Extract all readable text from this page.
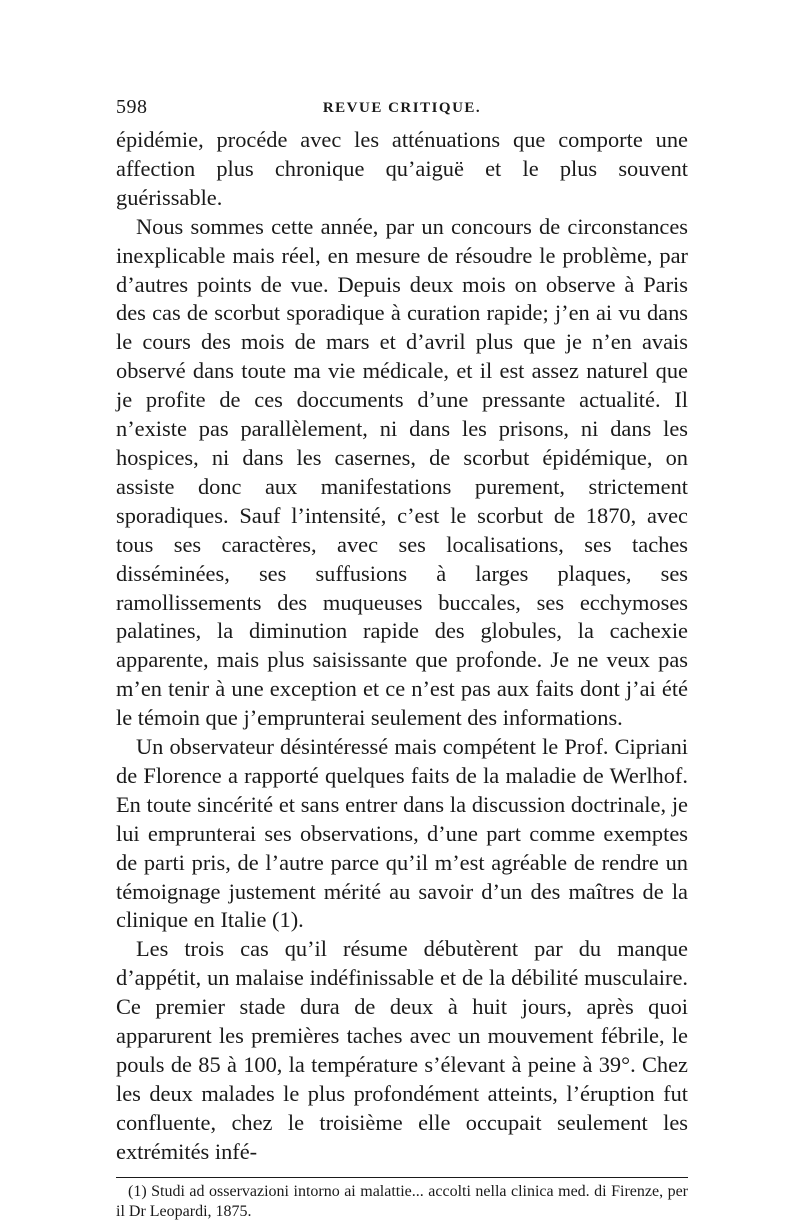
598	REVUE CRITIQUE.

épidémie, procéde avec les atténuations que comporte une affection plus chronique qu’aiguë et le plus souvent guérissable.

Nous sommes cette année, par un concours de circonstances inexplicable mais réel, en mesure de résoudre le problème, par d’autres points de vue. Depuis deux mois on observe à Paris des cas de scorbut sporadique à curation rapide; j’en ai vu dans le cours des mois de mars et d’avril plus que je n’en avais observé dans toute ma vie médicale, et il est assez naturel que je profite de ces doccuments d’une pressante actualité. Il n’existe pas parallèlement, ni dans les prisons, ni dans les hospices, ni dans les casernes, de scorbut épidémique, on assiste donc aux manifestations purement, strictement sporadiques. Sauf l’intensité, c’est le scorbut de 1870, avec tous ses caractères, avec ses localisations, ses taches disséminées, ses suffusions à larges plaques, ses ramollissements des muqueuses buccales, ses ecchymoses palatines, la diminution rapide des globules, la cachexie apparente, mais plus saisissante que profonde. Je ne veux pas m’en tenir à une exception et ce n’est pas aux faits dont j’ai été le témoin que j’emprunterai seulement des informations.

Un observateur désintéressé mais compétent le Prof. Cipriani de Florence a rapporté quelques faits de la maladie de Werlhof. En toute sincérité et sans entrer dans la discussion doctrinale, je lui emprunterai ses observations, d’une part comme exemptes de parti pris, de l’autre parce qu’il m’est agréable de rendre un témoignage justement mérité au savoir d’un des maîtres de la clinique en Italie (1).

Les trois cas qu’il résume débutèrent par du manque d’appétit, un malaise indéfinissable et de la débilité musculaire. Ce premier stade dura de deux à huit jours, après quoi apparurent les premières taches avec un mouvement fébrile, le pouls de 85 à 100, la température s’élevant à peine à 39°. Chez les deux malades le plus profondément atteints, l’éruption fut confluente, chez le troisième elle occupait seulement les extrémités infé-

(1) Studi ad osservazioni intorno ai malattie... accolti nella clinica med. di Firenze, per il Dr Leopardi, 1875.
